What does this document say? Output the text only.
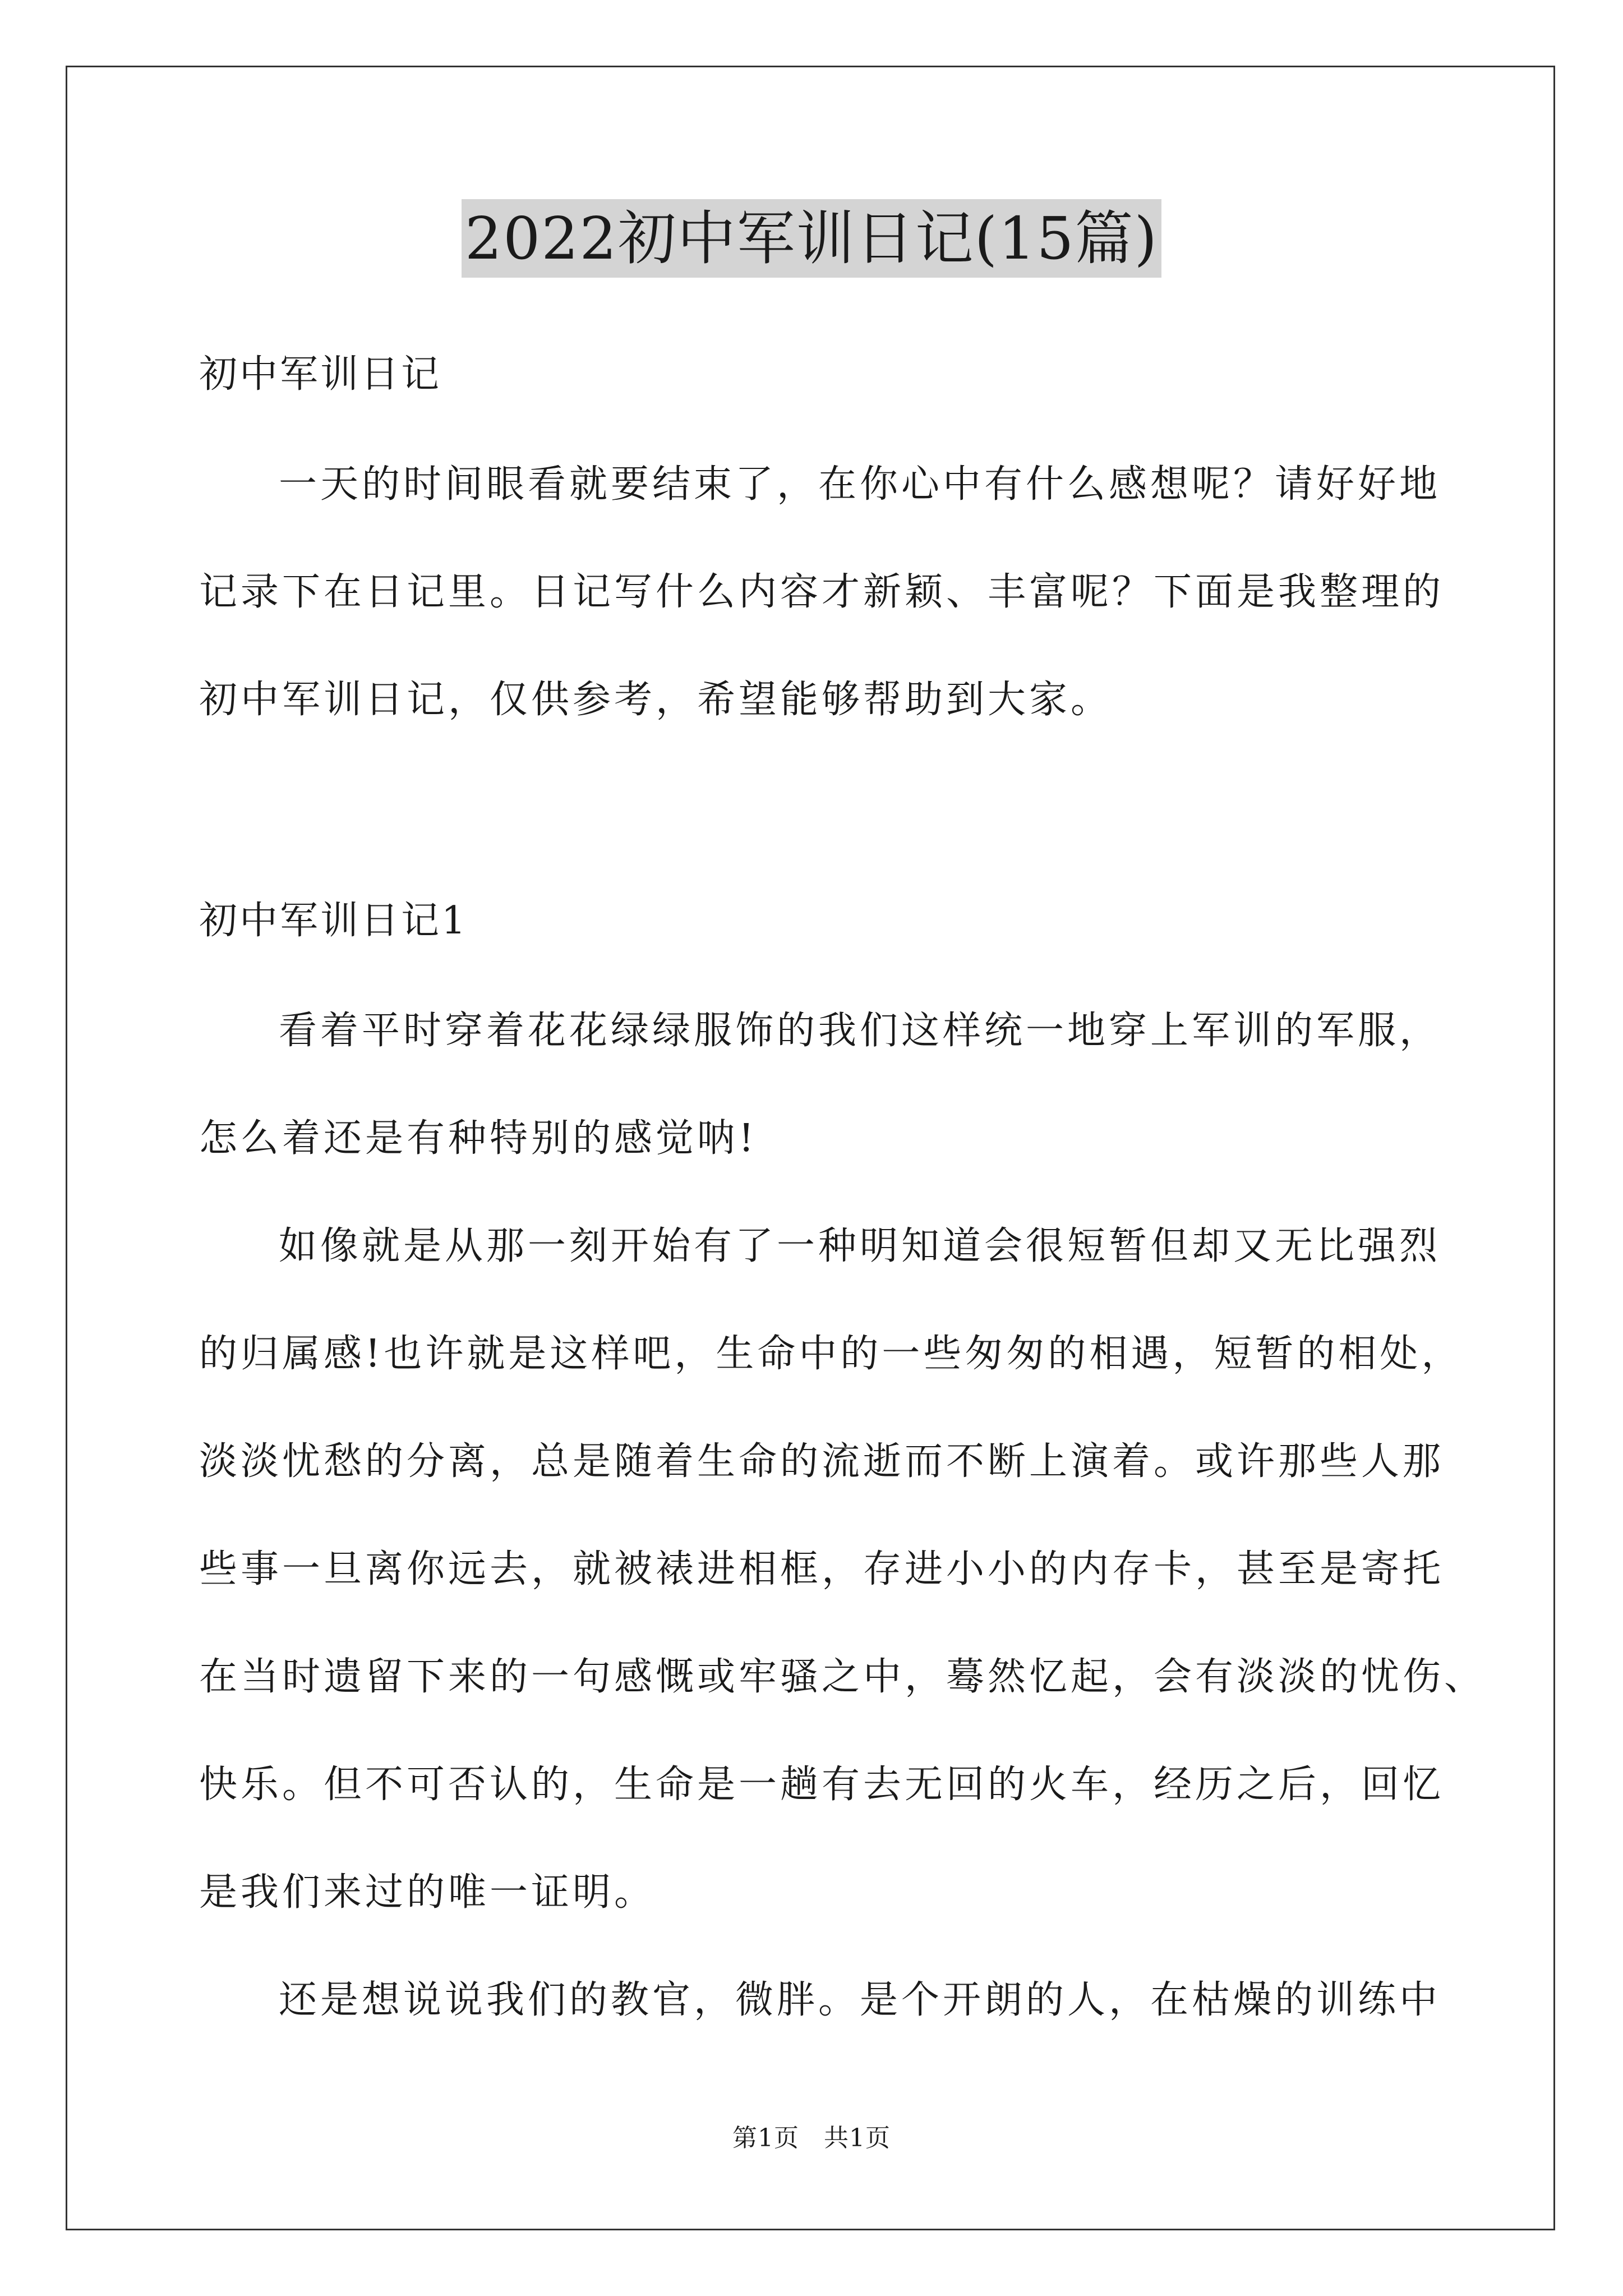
2022初中军训日记(15篇)
初中军训日记
一天的时间眼看就要结束了，在你心中有什么感想呢？请好好地
记录下在日记里。日记写什么内容才新颖、丰富呢？下面是我整理的
初中军训日记，仅供参考，希望能够帮助到大家。
初中军训日记1
看着平时穿着花花绿绿服饰的我们这样统一地穿上军训的军服，
怎么着还是有种特别的感觉呐!
如像就是从那一刻开始有了一种明知道会很短暂但却又无比强烈
的归属感!也许就是这样吧，生命中的一些匆匆的相遇，短暂的相处，
淡淡忧愁的分离，总是随着生命的流逝而不断上演着。或许那些人那
些事一旦离你远去，就被裱进相框，存进小小的内存卡，甚至是寄托
在当时遗留下来的一句感慨或牢骚之中，蓦然忆起，会有淡淡的忧伤、
快乐。但不可否认的，生命是一趟有去无回的火车，经历之后，回忆
是我们来过的唯一证明。
还是想说说我们的教官，微胖。是个开朗的人，在枯燥的训练中
第1页 共1页
